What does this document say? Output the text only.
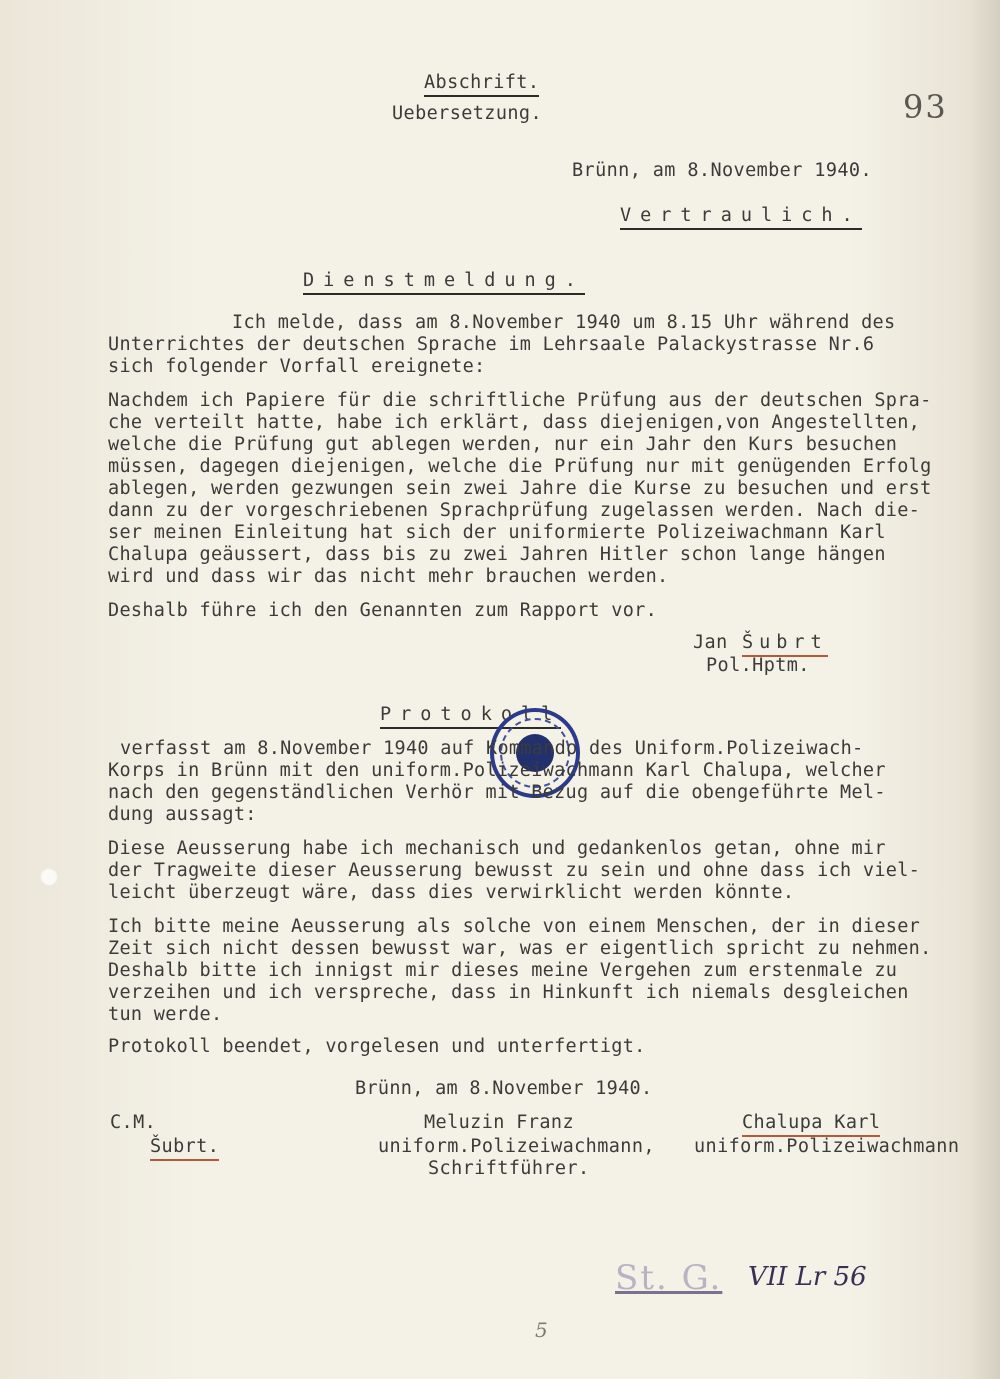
Abschrift.
Uebersetzung.	93
Brünn, am 8.November 1940.
Vertraulich.
Dienstmeldung.
Ich melde, dass am 8.November 1940 um 8.15 Uhr während des
Unterrichtes der deutschen Sprache im Lehrsaale Palackystrasse Nr.6
sich folgender Vorfall ereignete:
Nachdem ich Papiere für die schriftliche Prüfung aus der deutschen Spra-
che verteilt hatte, habe ich erklärt, dass diejenigen,von Angestellten,
welche die Prüfung gut ablegen werden, nur ein Jahr den Kurs besuchen
müssen, dagegen diejenigen, welche die Prüfung nur mit genügenden Erfolg
ablegen, werden gezwungen sein zwei Jahre die Kurse zu besuchen und erst
dann zu der vorgeschriebenen Sprachprüfung zugelassen werden. Nach die-
ser meinen Einleitung hat sich der uniformierte Polizeiwachmann Karl
Chalupa geäussert, dass bis zu zwei Jahren Hitler schon lange hängen
wird und dass wir das nicht mehr brauchen werden.
Deshalb führe ich den Genannten zum Rapport vor.
Jan Šubrt
Pol.Hptm.
Protokoll
verfasst am 8.November 1940 auf Kommando des Uniform.Polizeiwach-
Korps in Brünn mit den uniform.Polizeiwachmann Karl Chalupa, welcher
nach den gegenständlichen Verhör mit Bezug auf die obengeführte Mel-
dung aussagt:
Diese Aeusserung habe ich mechanisch und gedankenlos getan, ohne mir
der Tragweite dieser Aeusserung bewusst zu sein und ohne dass ich viel-
leicht überzeugt wäre, dass dies verwirklicht werden könnte.
Ich bitte meine Aeusserung als solche von einem Menschen, der in dieser
Zeit sich nicht dessen bewusst war, was er eigentlich spricht zu nehmen.
Deshalb bitte ich innigst mir dieses meine Vergehen zum erstenmale zu
verzeihen und ich verspreche, dass in Hinkunft ich niemals desgleichen
tun werde.
Protokoll beendet, vorgelesen und unterfertigt.
Brünn, am 8.November 1940.
C.M.
Šubrt.
Meluzin Franz
uniform.Polizeiwachmann,
Schriftführer.
Chalupa Karl
uniform.Polizeiwachmann
St. G. VII Lr 56
5
